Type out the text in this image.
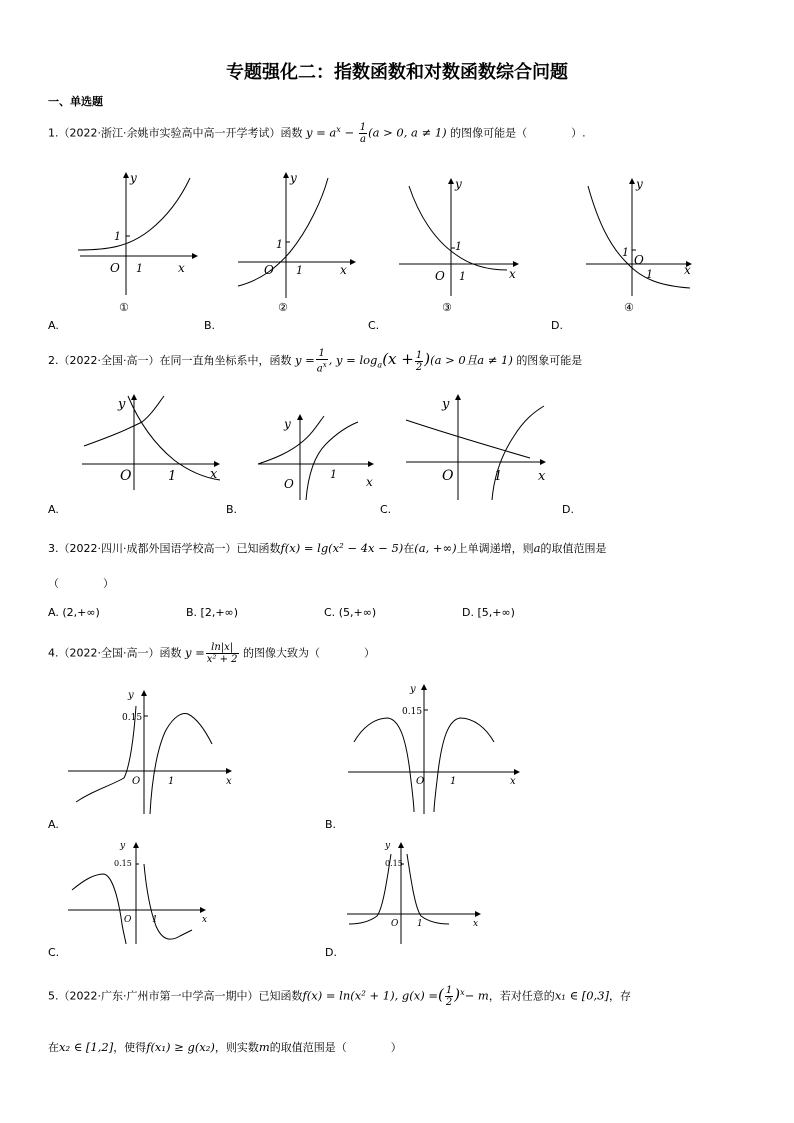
专题强化二：指数函数和对数函数综合问题
一、单选题
1.（2022·浙江·余姚市实验高中高一开学考试）函数 $y = a^x - \frac{1}{a} (a > 0$, a ≠ 1) 的图像可能是（　　　　）.
y
1
O 1	x
①
A.
y
1
O 1	x
②
B.
y
1
O 1	x
③
C.
y
1
O
1	x
④
D.
2.（2022·全国·高一）在同一直角坐标系中，函数 $y = \frac{1}{a^x}$ , $y = \log_a(x + \frac{1}{2} )(a > 0$且a ≠ 1) 的图象可能是
y
O	1	x
A.
y
O
1
x
B.
y
O	1	x
C.	D.
3.（2022·四川·成都外国语学校高一）已知函数f(x) = lg(x² − 4x − 5)在(a, +∞)上单调递增，则a的取值范围是
（　　　　）
A. (2,+∞)	B. [2,+∞)	C. (5,+∞)	D. [5,+∞)
4.（2022·全国·高一）函数 $y = \frac{\ln|x|}{\text{x² + 2}}$ 的图像大致为（　　　　）
y
0.15
O	1	x
A.
y
0.15
O	1	x
B.
y
0.15
O 1	x
C.
y
0.15
O 1	x
D.
5.（2022·广东·广州市第一中学高一期中）已知函数f(x) = ln(x² + 1), g(x) =( $\frac{1}{2} )^x- m$，若对任意的x₁ ∈ [0,3]，存
在x₂ ∈ [1,2]，使得f(x₁) ≥ g(x₂)，则实数m的取值范围是（　　　　）
